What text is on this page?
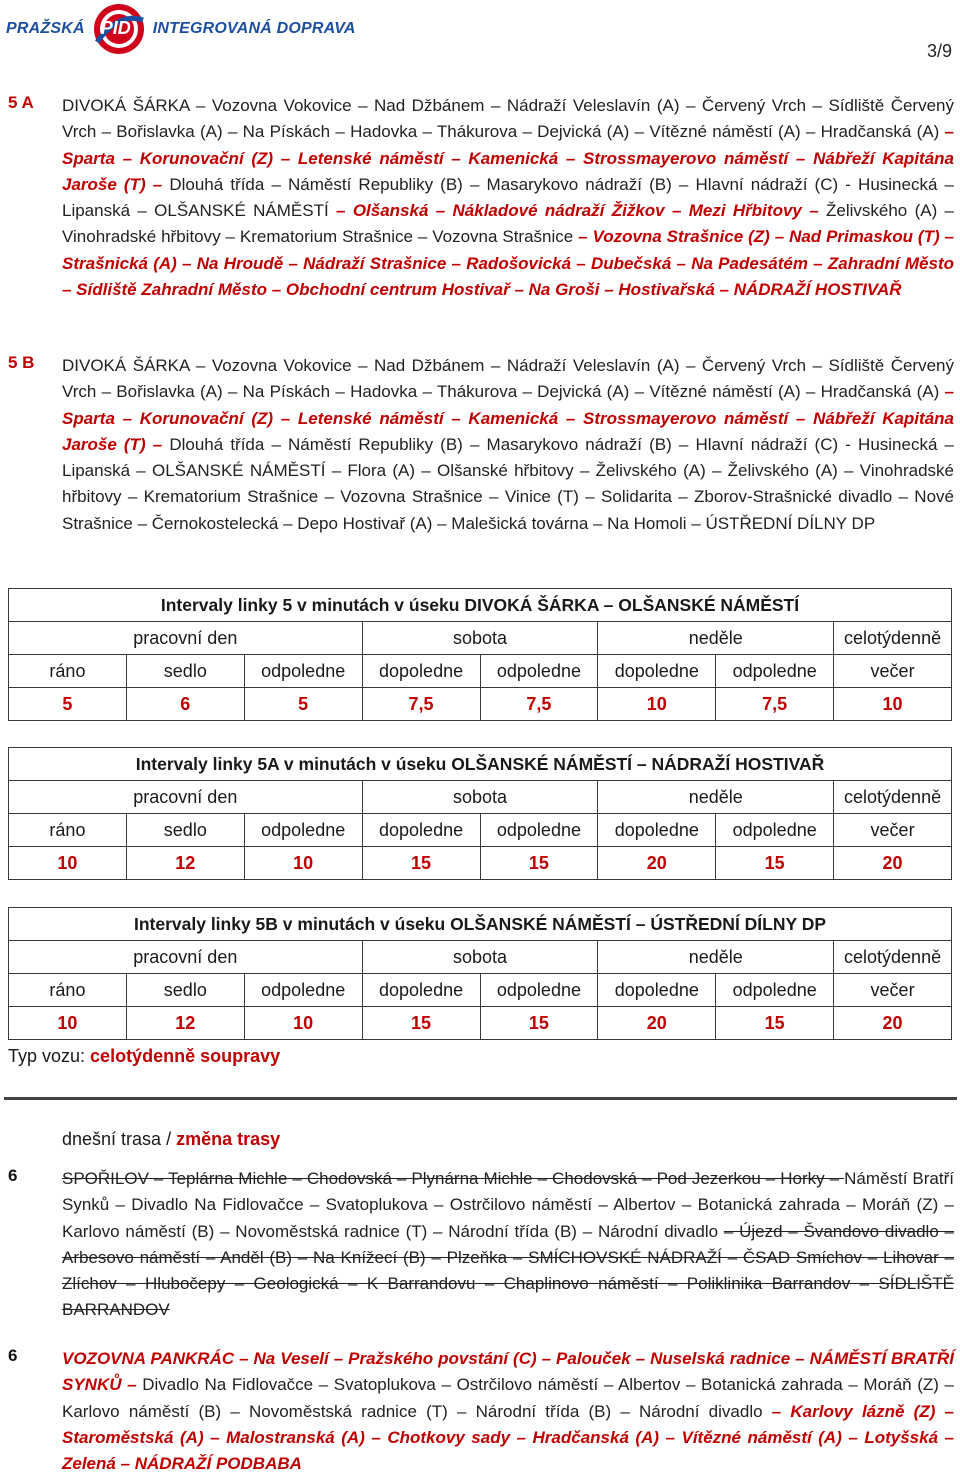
PRAŽSKÁ PID INTEGROVANÁ DOPRAVA
3/9
5 A DIVOKÁ ŠÁRKA – Vozovna Vokovice – Nad Džbánem – Nádraží Veleslavín (A) – Červený Vrch – Sídliště Červený Vrch – Bořislavka (A) – Na Pískách – Hadovka – Thákurova – Dejvická (A) – Vítězné náměstí (A) – Hradčanská (A) – Sparta – Korunovační (Z) – Letenské náměstí – Kamenická – Strossmayerovo náměstí – Nábřeží Kapitána Jaroše (T) – Dlouhá třída – Náměstí Republiky (B) – Masarykovo nádraží (B) – Hlavní nádraží (C) - Husinecká – Lipanská – OLŠANSKÉ NÁMĚSTÍ – Olšanská – Nákladové nádraží Žižkov – Mezi Hřbitovy – Želivského (A) – Vinohradské hřbitovy – Krematorium Strašnice – Vozovna Strašnice – Vozovna Strašnice (Z) – Nad Primaskou (T) – Strašnická (A) – Na Hroudě – Nádraží Strašnice – Radošovická – Dubečská – Na Padesátém – Zahradní Město – Sídliště Zahradní Město – Obchodní centrum Hostivař – Na Groši – Hostivařská – NÁDRAŽÍ HOSTIVAŘ
5 B DIVOKÁ ŠÁRKA – Vozovna Vokovice – Nad Džbánem – Nádraží Veleslavín (A) – Červený Vrch – Sídliště Červený Vrch – Bořislavka (A) – Na Pískách – Hadovka – Thákurova – Dejvická (A) – Vítězné náměstí (A) – Hradčanská (A) – Sparta – Korunovační (Z) – Letenské náměstí – Kamenická – Strossmayerovo náměstí – Nábřeží Kapitána Jaroše (T) – Dlouhá třída – Náměstí Republiky (B) – Masarykovo nádraží (B) – Hlavní nádraží (C) - Husinecká – Lipanská – OLŠANSKÉ NÁMĚSTÍ – Flora (A) – Olšanské hřbitovy – Želivského (A) – Želivského (A) – Vinohradské hřbitovy – Krematorium Strašnice – Vozovna Strašnice – Vinice (T) – Solidarita – Zborov-Strašnické divadlo – Nové Strašnice – Černokostelecká – Depo Hostivař (A) – Malešická továrna – Na Homoli – ÚSTŘEDNÍ DÍLNY DP
Intervaly linky 5 v minutách v úseku DIVOKÁ ŠÁRKA – OLŠANSKÉ NÁMĚSTÍ							
pracovní den			sobota		neděle		celotýdenně
ráno	sedlo	odpoledne	dopoledne	odpoledne	dopoledne	odpoledne	večer
5	6	5	7,5	7,5	10	7,5	10
Intervaly linky 5A v minutách v úseku OLŠANSKÉ NÁMĚSTÍ – NÁDRAŽÍ HOSTIVAŘ							
pracovní den			sobota		neděle		celotýdenně
ráno	sedlo	odpoledne	dopoledne	odpoledne	dopoledne	odpoledne	večer
10	12	10	15	15	20	15	20
Intervaly linky 5B v minutách v úseku OLŠANSKÉ NÁMĚSTÍ – ÚSTŘEDNÍ DÍLNY DP							
pracovní den			sobota		neděle		celotýdenně
ráno	sedlo	odpoledne	dopoledne	odpoledne	dopoledne	odpoledne	večer
10	12	10	15	15	20	15	20
Typ vozu: celotýdenně soupravy
dnešní trasa / změna trasy
6	SPOŘILOV – Teplárna Michle – Chodovská – Plynárna Michle – Chodovská – Pod Jezerkou – Horky – Náměstí Bratří Synků – Divadlo Na Fidlovačce – Svatoplukova – Ostrčilovo náměstí – Albertov – Botanická zahrada – Moráň (Z) – Karlovo náměstí (B) – Novoměstská radnice (T) – Národní třída (B) – Národní divadlo – Újezd – Švandovo divadlo – Arbesovo náměstí – Anděl (B) – Na Knížecí (B) – Plzeňka – SMÍCHOVSKÉ NÁDRAŽÍ – ČSAD Smíchov – Lihovar – Zlíchov – Hlubočepy – Geologická – K Barrandovu – Chaplinovo náměstí – Poliklinika Barrandov – SÍDLIŠTĚ BARRANDOV
6	VOZOVNA PANKRÁC – Na Veselí – Pražského povstání (C) – Palouček – Nuselská radnice – NÁMĚSTÍ BRATŘÍ SYNKŮ – Divadlo Na Fidlovačce – Svatoplukova – Ostrčilovo náměstí – Albertov – Botanická zahrada – Moráň (Z) – Karlovo náměstí (B) – Novoměstská radnice (T) – Národní třída (B) – Národní divadlo – Karlovy lázně (Z) – Staroměstská (A) – Malostranská (A) – Chotkovy sady – Hradčanská (A) – Vítězné náměstí (A) – Lotyšská – Zelená – NÁDRAŽÍ PODBABA
